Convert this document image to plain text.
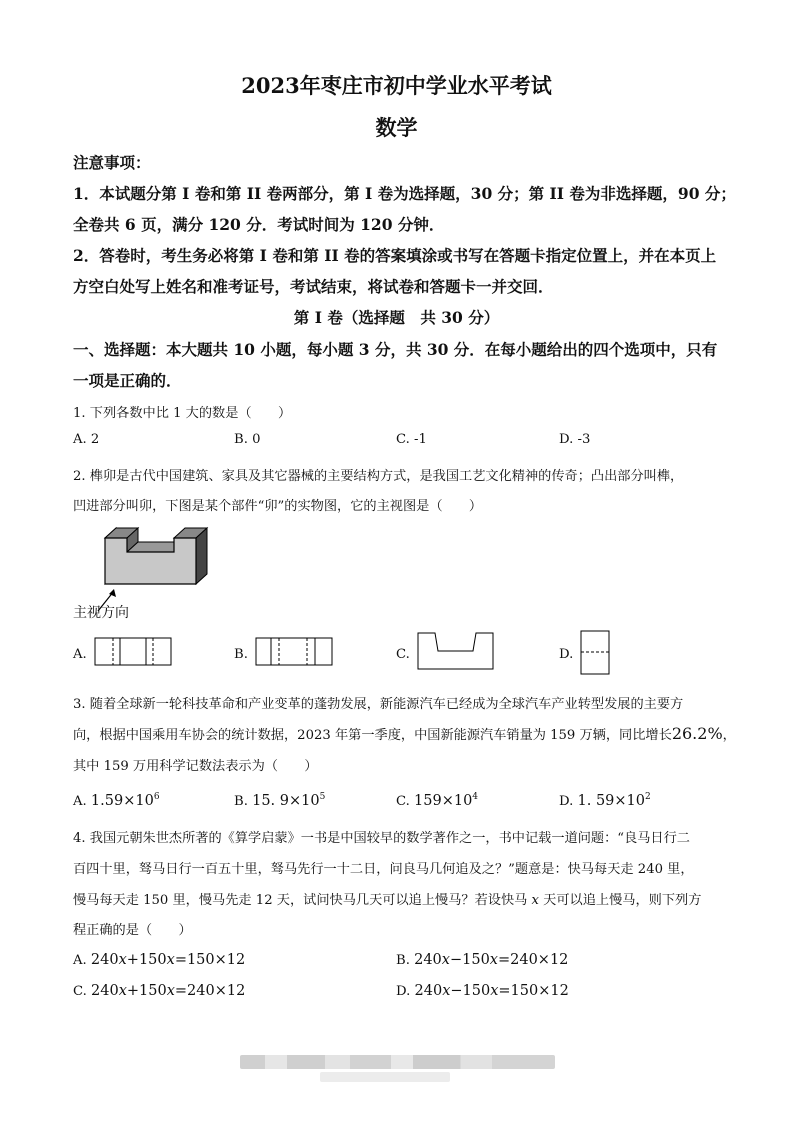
2023年枣庄市初中学业水平考试
数学
注意事项：
1．本试题分第 I 卷和第 II 卷两部分，第 I 卷为选择题，30 分；第 II 卷为非选择题，90 分；
全卷共 6 页，满分 120 分．考试时间为 120 分钟．
2．答卷时，考生务必将第 I 卷和第 II 卷的答案填涂或书写在答题卡指定位置上，并在本页上
方空白处写上姓名和准考证号，考试结束，将试卷和答题卡一并交回．
第 I 卷（选择题　共 30 分）
一、选择题：本大题共 10 小题，每小题 3 分，共 30 分．在每小题给出的四个选项中，只有
一项是正确的．
1. 下列各数中比 1 大的数是（　　）
A. 2	B. 0	C. -1	D. -3
2. 榫卯是古代中国建筑、家具及其它器械的主要结构方式，是我国工艺文化精神的传奇；凸出部分叫榫，
凹进部分叫卯，下图是某个部件“卯”的实物图，它的主视图是（　　）
主视方向
A.	B.	C.	D.
3. 随着全球新一轮科技革命和产业变革的蓬勃发展，新能源汽车已经成为全球汽车产业转型发展的主要方
向，根据中国乘用车协会的统计数据，2023 年第一季度，中国新能源汽车销量为 159 万辆，同比增长26.2%，
其中 159 万用科学记数法表示为（　　）
A. $1.59\times 10^6$	B. 15. $9\times 10^5$	C. $159\times 10^4$	D. 1. $59\times 10^2$
4. 我国元朝朱世杰所著的《算学启蒙》一书是中国较早的数学著作之一，书中记载一道问题：“良马日行二
百四十里，驽马日行一百五十里，驽马先行一十二日，问良马几何追及之？”题意是：快马每天走 240 里，
慢马每天走 150 里，慢马先走 12 天，试问快马几天可以追上慢马？若设快马 x 天可以追上慢马，则下列方
程正确的是（　　）
A. 240x+150x=150×12	B. 240x−150x=240×12
C. 240x+150x=240×12	D. 240x−150x=150×12
